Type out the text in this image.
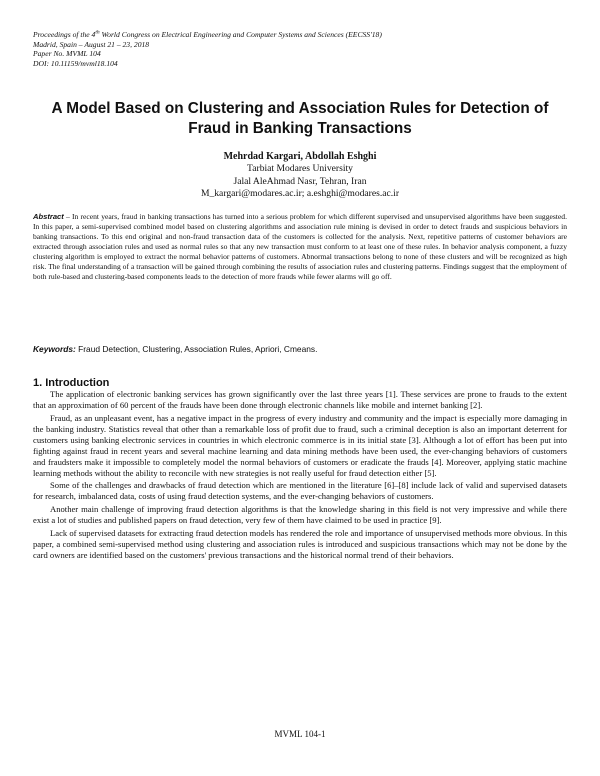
Proceedings of the 4th World Congress on Electrical Engineering and Computer Systems and Sciences (EECSS'18)
Madrid, Spain – August 21 – 23, 2018
Paper No. MVML 104
DOI: 10.11159/mvml18.104
A Model Based on Clustering and Association Rules for Detection of
Fraud in Banking Transactions
Mehrdad Kargari, Abdollah Eshghi
Tarbiat Modares University
Jalal AleAhmad Nasr, Tehran, Iran
M_kargari@modares.ac.ir; a.eshghi@modares.ac.ir
Abstract – In recent years, fraud in banking transactions has turned into a serious problem for which different supervised and unsupervised algorithms have been suggested. In this paper, a semi-supervised combined model based on clustering algorithms and association rule mining is devised in order to detect frauds and suspicious behaviors in banking transactions. To this end original and non-fraud transaction data of the customers is collected for the analysis. Next, repetitive patterns of customer behaviors are extracted through association rules and used as normal rules so that any new transaction must conform to at least one of these rules. In behavior analysis component, a fuzzy clustering algorithm is employed to extract the normal behavior patterns of customers. Abnormal transactions belong to none of these clusters and will be recognized as high risk. The final understanding of a transaction will be gained through combining the results of association rules and clustering patterns. Findings suggest that the employment of both rule-based and clustering-based components leads to the detection of more frauds while fewer alarms will go off.
Keywords: Fraud Detection, Clustering, Association Rules, Apriori, Cmeans.
1. Introduction

The application of electronic banking services has grown significantly over the last three years [1]. These services are prone to frauds to the extent that an approximation of 60 percent of the frauds have been done through electronic channels like mobile and internet banking [2].

Fraud, as an unpleasant event, has a negative impact in the progress of every industry and community and the impact is especially more damaging in the banking industry. Statistics reveal that other than a remarkable loss of profit due to fraud, such a criminal deception is also an important deterrent for customers using banking electronic services in countries in which electronic commerce is in its initial state [3]. Although a lot of effort has been put into fighting against fraud in recent years and several machine learning and data mining methods have been used, the ever-changing behaviors of customers and fraudsters make it impossible to completely model the normal behaviors of customers or eradicate the frauds [4]. Moreover, applying static machine learning methods without the ability to reconcile with new strategies is not really useful for fraud detection either [5].

Some of the challenges and drawbacks of fraud detection which are mentioned in the literature [6]–[8] include lack of valid and supervised datasets for research, imbalanced data, costs of using fraud detection systems, and the ever-changing behaviors of customers.

Another main challenge of improving fraud detection algorithms is that the knowledge sharing in this field is not very impressive and while there exist a lot of studies and published papers on fraud detection, very few of them have claimed to be used in practice [9].

Lack of supervised datasets for extracting fraud detection models has rendered the role and importance of unsupervised methods more obvious. In this paper, a combined semi-supervised method using clustering and association rules is introduced and suspicious transactions which may not be done by the card owners are identified based on the customers' previous transactions and the historical normal trend of their behaviors.

MVML 104-1
